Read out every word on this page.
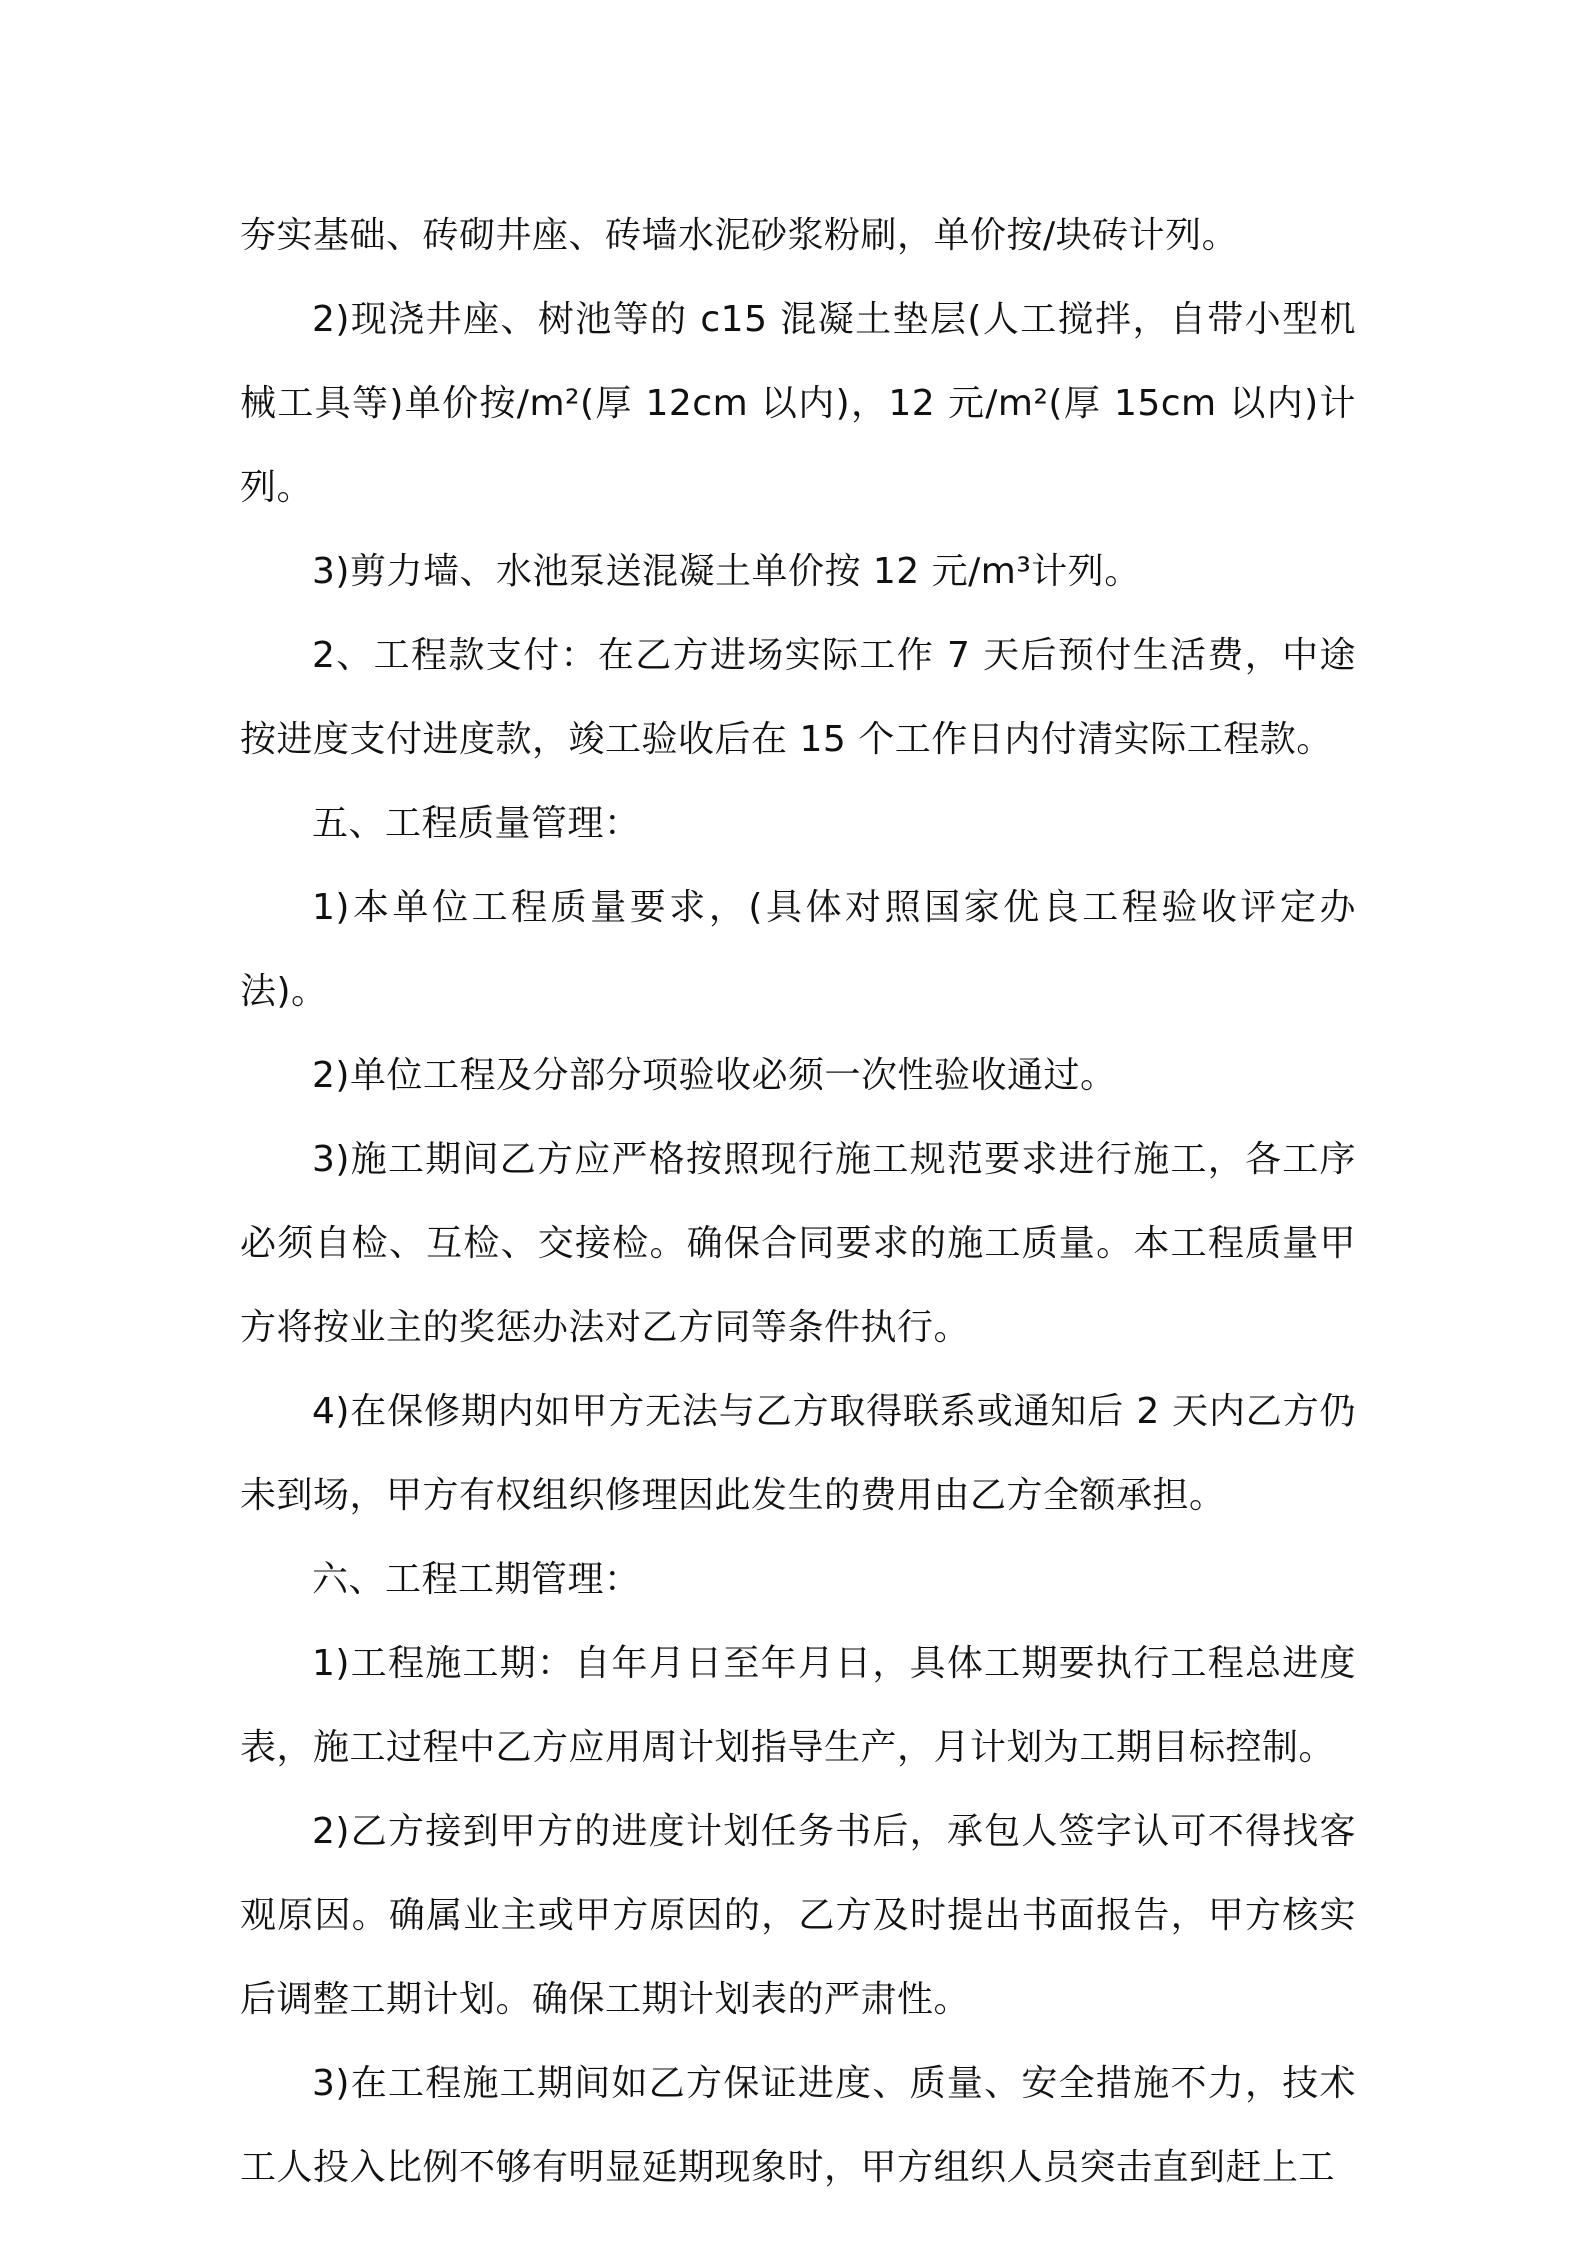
夯实基础、砖砌井座、砖墙水泥砂浆粉刷，单价按/块砖计列。

2)现浇井座、树池等的 c15 混凝土垫层(人工搅拌，自带小型机械工具等)单价按/m²(厚 12cm 以内)，12 元/m²(厚 15cm 以内)计列。

3)剪力墙、水池泵送混凝土单价按 12 元/m³计列。

2、工程款支付：在乙方进场实际工作 7 天后预付生活费，中途按进度支付进度款，竣工验收后在 15 个工作日内付清实际工程款。

五、工程质量管理：

1)本单位工程质量要求，(具体对照国家优良工程验收评定办法)。

2)单位工程及分部分项验收必须一次性验收通过。

3)施工期间乙方应严格按照现行施工规范要求进行施工，各工序必须自检、互检、交接检。确保合同要求的施工质量。本工程质量甲方将按业主的奖惩办法对乙方同等条件执行。

4)在保修期内如甲方无法与乙方取得联系或通知后 2 天内乙方仍未到场，甲方有权组织修理因此发生的费用由乙方全额承担。

六、工程工期管理：

1)工程施工期：自年月日至年月日，具体工期要执行工程总进度表，施工过程中乙方应用周计划指导生产，月计划为工期目标控制。

2)乙方接到甲方的进度计划任务书后，承包人签字认可不得找客观原因。确属业主或甲方原因的，乙方及时提出书面报告，甲方核实后调整工期计划。确保工期计划表的严肃性。

3)在工程施工期间如乙方保证进度、质量、安全措施不力，技术工人投入比例不够有明显延期现象时，甲方组织人员突击直到赶上工
